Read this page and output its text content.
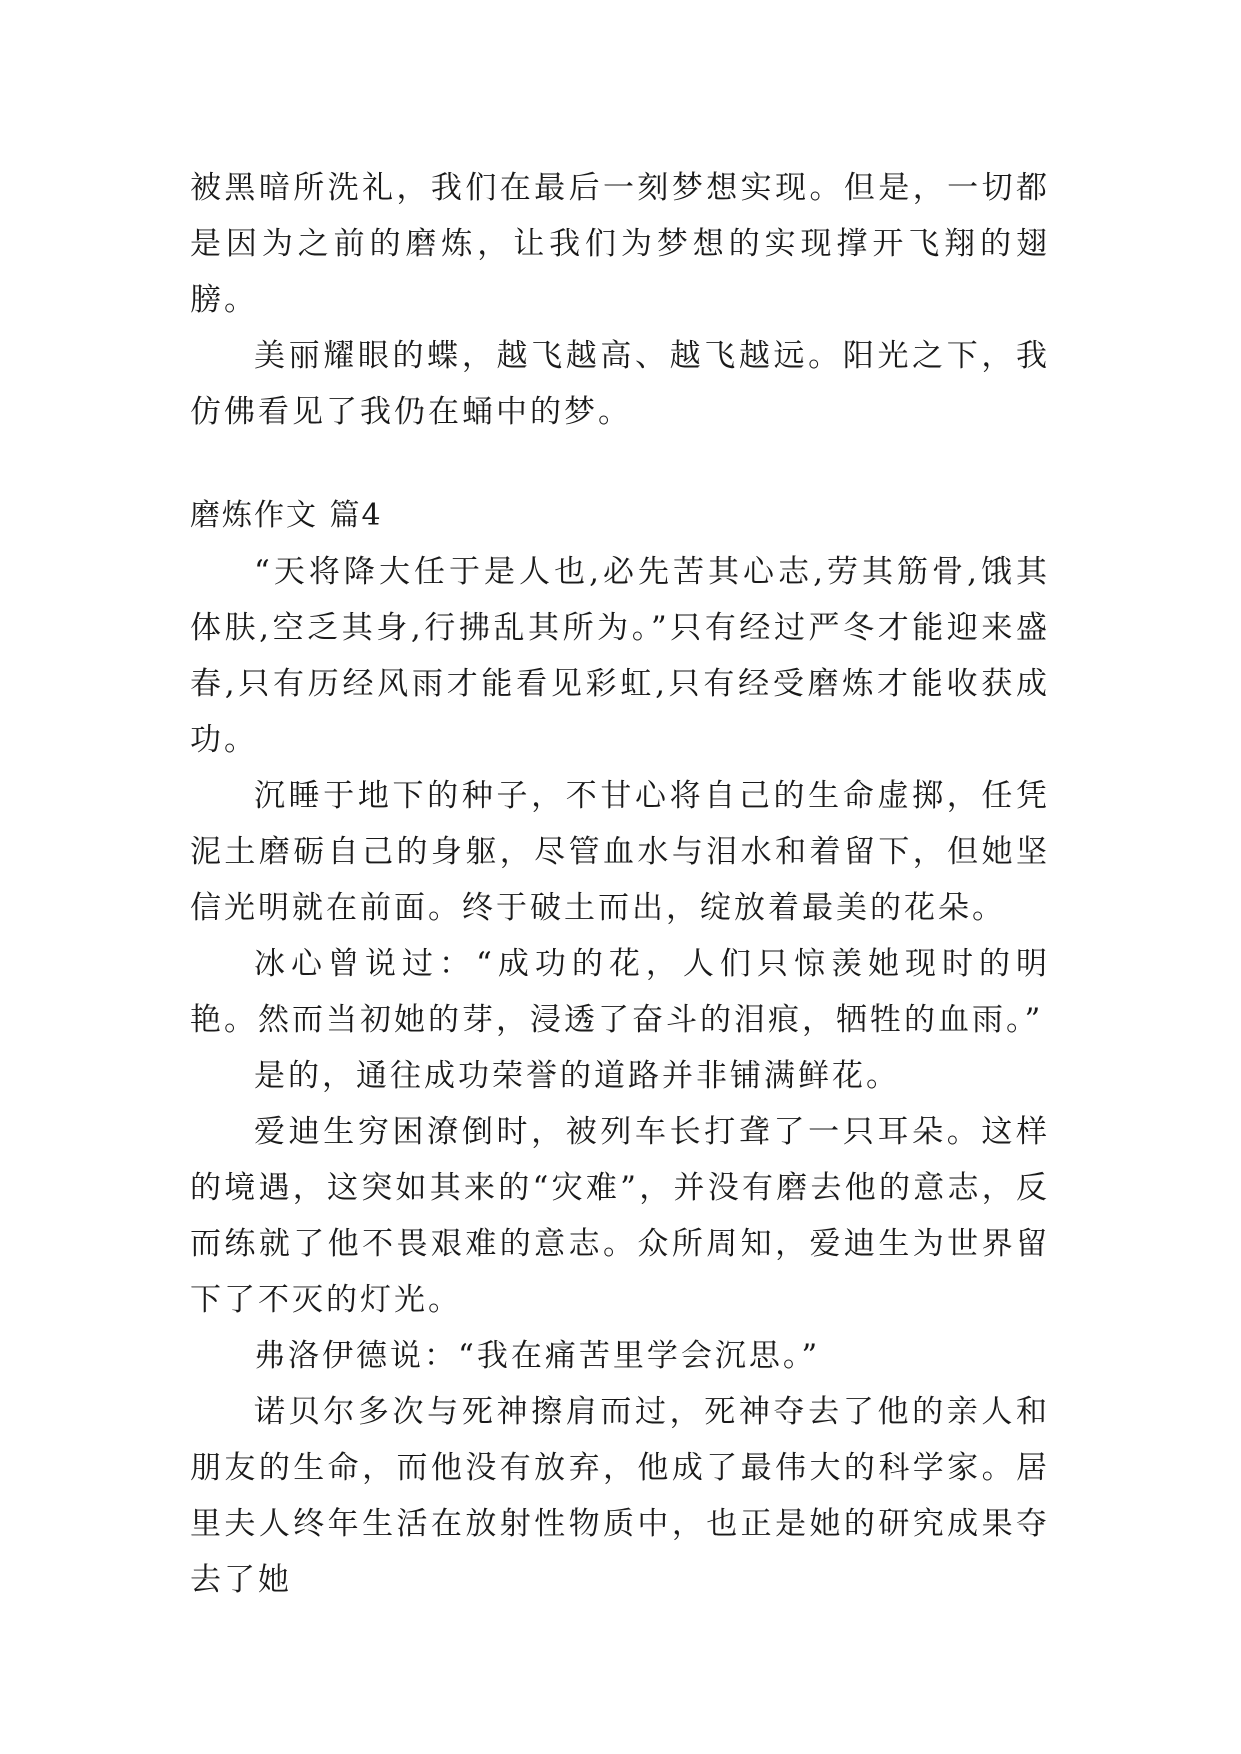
被黑暗所洗礼，我们在最后一刻梦想实现。但是，一切都是因为之前的磨炼，让我们为梦想的实现撑开飞翔的翅膀。

美丽耀眼的蝶，越飞越高、越飞越远。阳光之下，我仿佛看见了我仍在蛹中的梦。

磨炼作文 篇4

“天将降大任于是人也,必先苦其心志,劳其筋骨,饿其体肤,空乏其身,行拂乱其所为。”只有经过严冬才能迎来盛春,只有历经风雨才能看见彩虹,只有经受磨炼才能收获成功。

沉睡于地下的种子，不甘心将自己的生命虚掷，任凭泥土磨砺自己的身躯，尽管血水与泪水和着留下，但她坚信光明就在前面。终于破土而出，绽放着最美的花朵。

冰心曾说过：“成功的花，人们只惊羡她现时的明艳。然而当初她的芽，浸透了奋斗的泪痕，牺牲的血雨。”

是的，通往成功荣誉的道路并非铺满鲜花。

爱迪生穷困潦倒时，被列车长打聋了一只耳朵。这样的境遇，这突如其来的“灾难”，并没有磨去他的意志，反而练就了他不畏艰难的意志。众所周知，爱迪生为世界留下了不灭的灯光。

弗洛伊德说：“我在痛苦里学会沉思。”

诺贝尔多次与死神擦肩而过，死神夺去了他的亲人和朋友的生命，而他没有放弃，他成了最伟大的科学家。居里夫人终年生活在放射性物质中，也正是她的研究成果夺去了她
